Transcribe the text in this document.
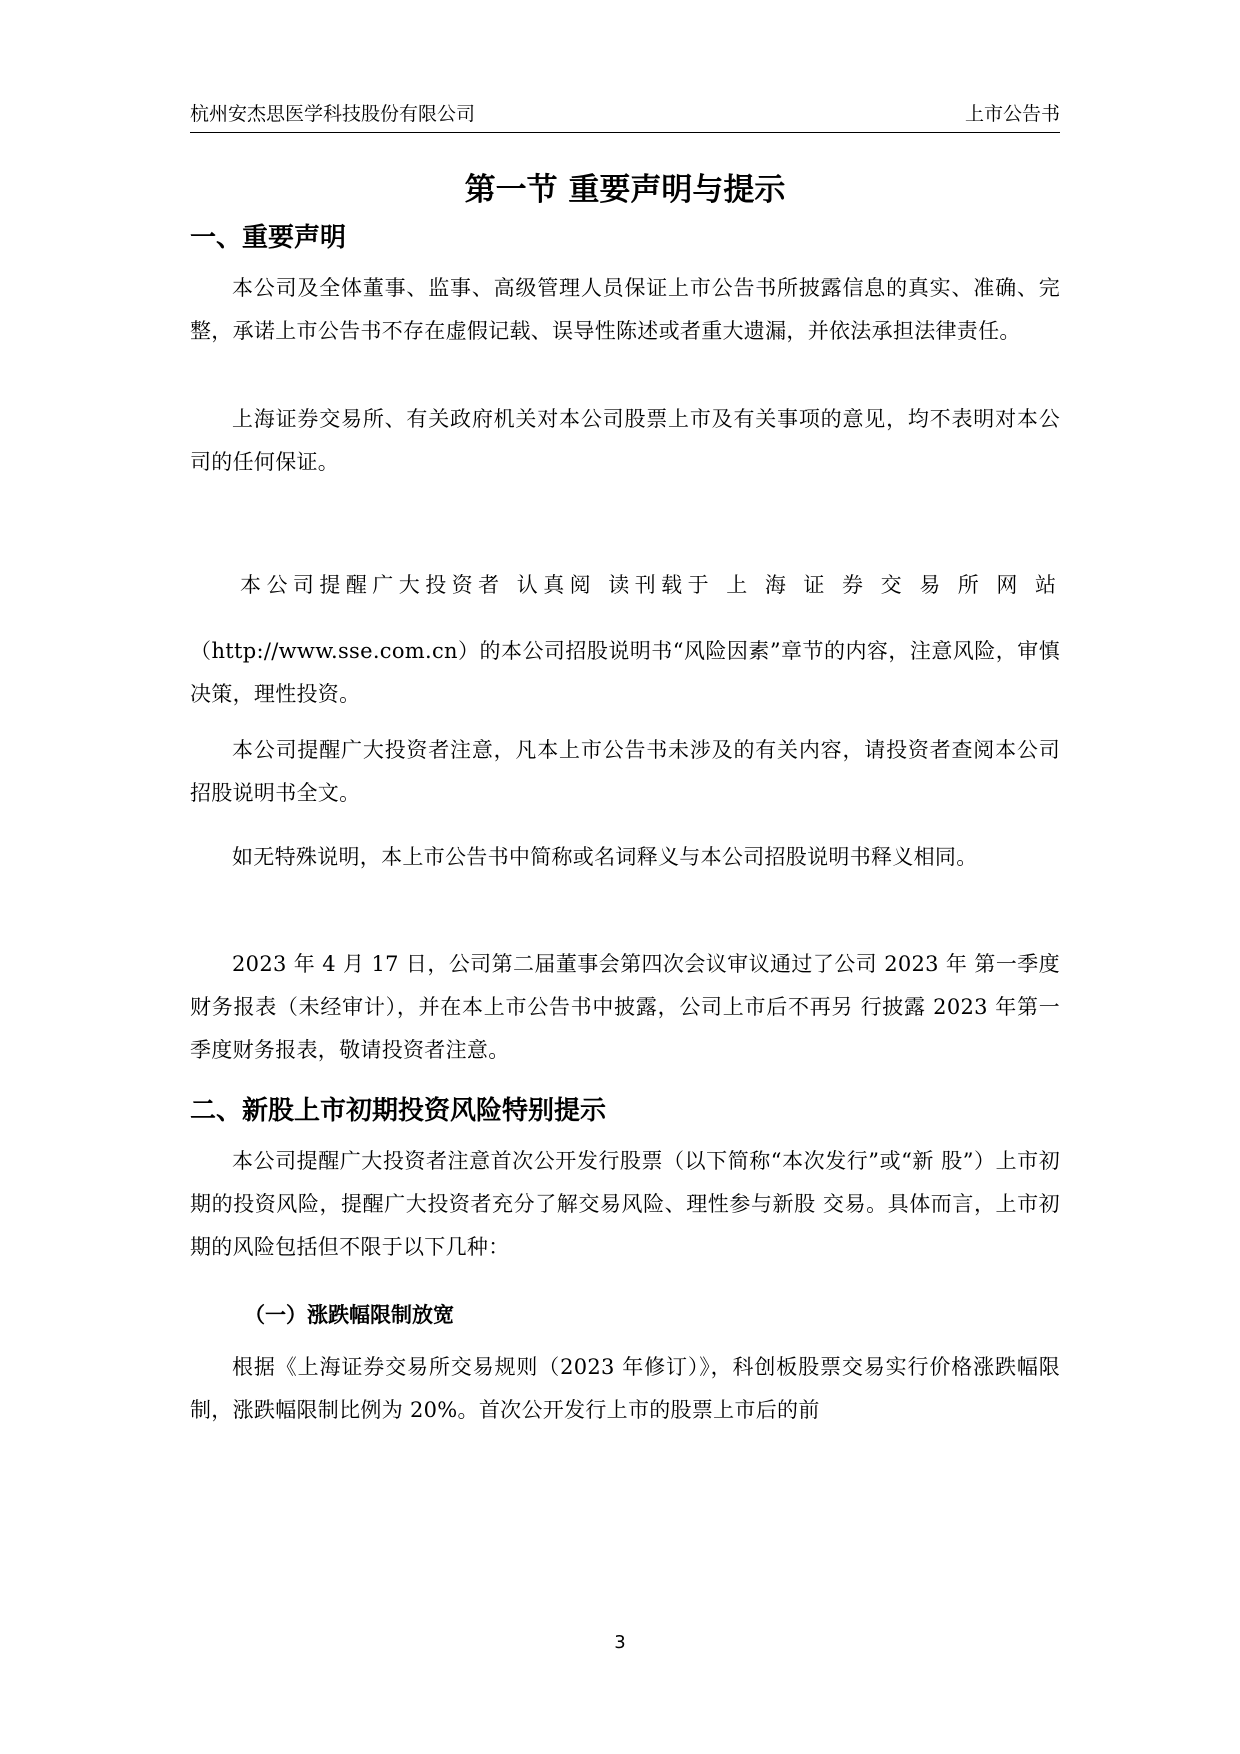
杭州安杰思医学科技股份有限公司	上市公告书
第一节 重要声明与提示
一、重要声明
本公司及全体董事、监事、高级管理人员保证上市公告书所披露信息的真实、准确、完整，承诺上市公告书不存在虚假记载、误导性陈述或者重大遗漏，并依法承担法律责任。
上海证券交易所、有关政府机关对本公司股票上市及有关事项的意见，均不表明对本公司的任何保证。
本公司提醒广大投资者 认真阅 读刊载于 上 海 证 券 交 易 所 网 站
（http://www.sse.com.cn）的本公司招股说明书“风险因素”章节的内容，注意风险，审慎决策，理性投资。
本公司提醒广大投资者注意，凡本上市公告书未涉及的有关内容，请投资者查阅本公司招股说明书全文。
如无特殊说明，本上市公告书中简称或名词释义与本公司招股说明书释义相同。
2023 年 4 月 17 日，公司第二届董事会第四次会议审议通过了公司 2023 年 第一季度财务报表（未经审计），并在本上市公告书中披露，公司上市后不再另 行披露 2023 年第一季度财务报表，敬请投资者注意。
二、新股上市初期投资风险特别提示
本公司提醒广大投资者注意首次公开发行股票（以下简称“本次发行”或“新 股”）上市初期的投资风险，提醒广大投资者充分了解交易风险、理性参与新股 交易。具体而言，上市初期的风险包括但不限于以下几种：
（一）涨跌幅限制放宽
根据《上海证券交易所交易规则（2023 年修订）》，科创板股票交易实行价格涨跌幅限制，涨跌幅限制比例为 20%。首次公开发行上市的股票上市后的前
3
